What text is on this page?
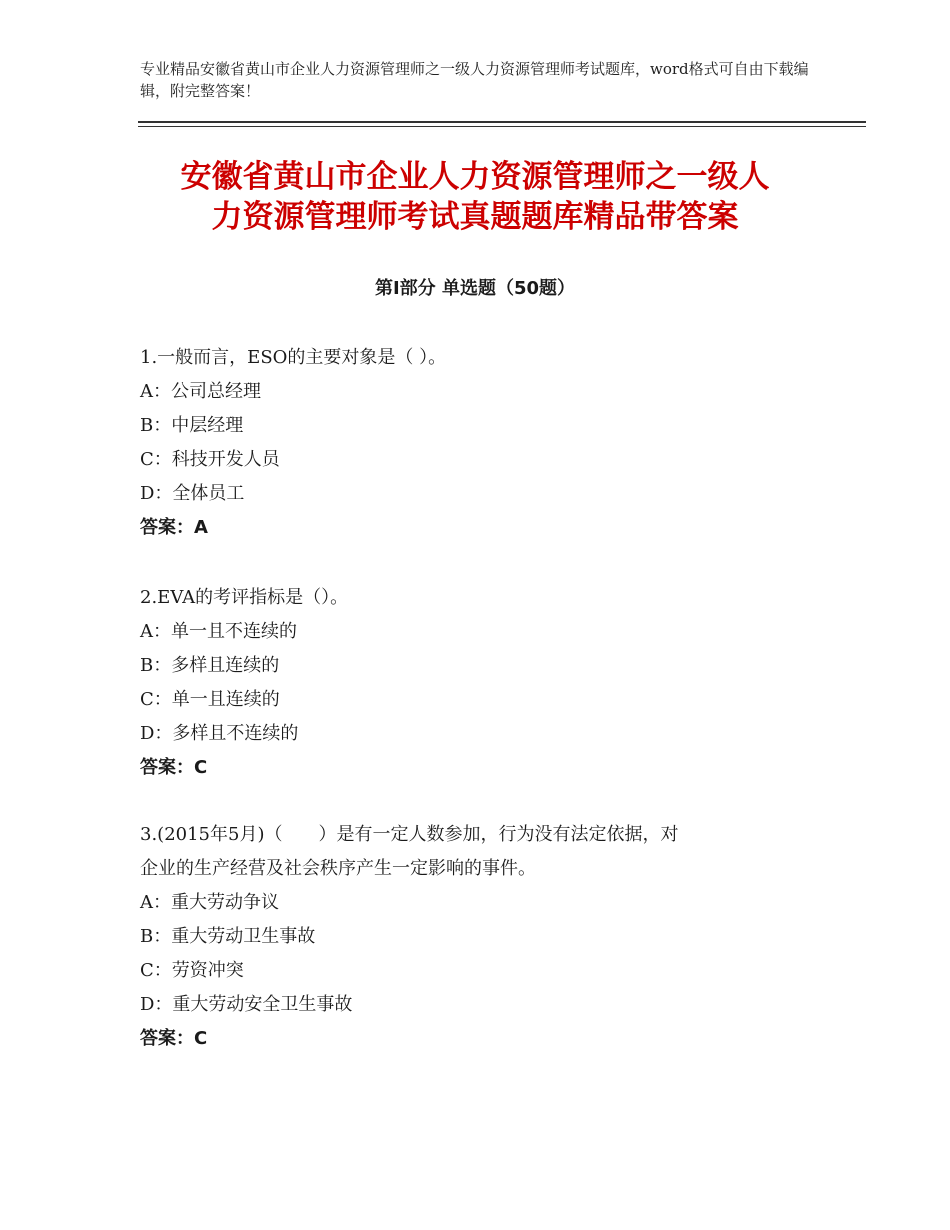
专业精品安徽省黄山市企业人力资源管理师之一级人力资源管理师考试题库，word格式可自由下载编辑，附完整答案！
安徽省黄山市企业人力资源管理师之一级人
力资源管理师考试真题题库精品带答案
第Ⅰ部分 单选题（50题）
1.一般而言，ESO的主要对象是（ ）。
A：公司总经理
B：中层经理
C：科技开发人员
D：全体员工
答案：A
2.EVA的考评指标是（）。
A：单一且不连续的
B：多样且连续的
C：单一且连续的
D：多样且不连续的
答案：C
3.(2015年5月)（　　）是有一定人数参加，行为没有法定依据，对
企业的生产经营及社会秩序产生一定影响的事件。
A：重大劳动争议
B：重大劳动卫生事故
C：劳资冲突
D：重大劳动安全卫生事故
答案：C
